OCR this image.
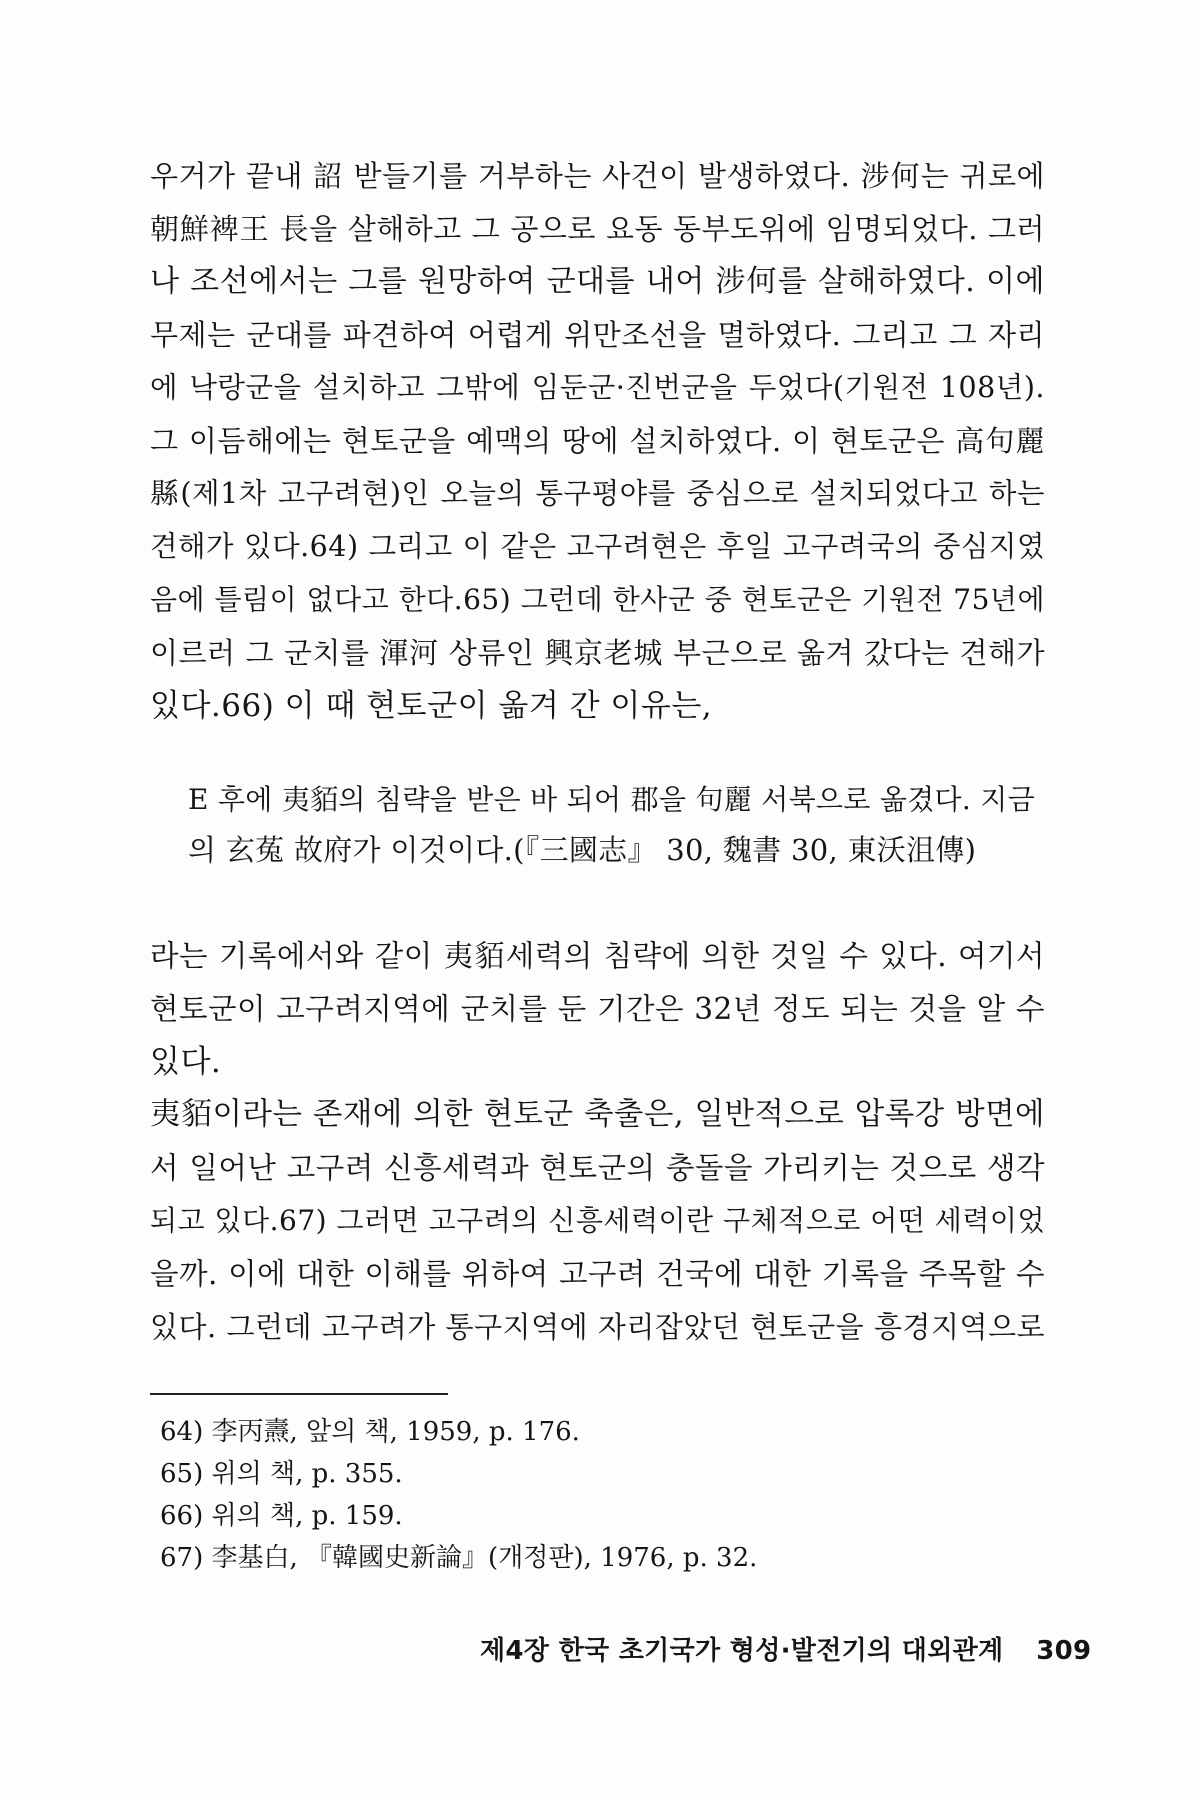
우거가 끝내 詔 받들기를 거부하는 사건이 발생하였다. 涉何는 귀로에
朝鮮裨王 長을 살해하고 그 공으로 요동 동부도위에 임명되었다. 그러
나 조선에서는 그를 원망하여 군대를 내어 涉何를 살해하였다. 이에
무제는 군대를 파견하여 어렵게 위만조선을 멸하였다. 그리고 그 자리
에 낙랑군을 설치하고 그밖에 임둔군·진번군을 두었다(기원전 108년).
그 이듬해에는 현토군을 예맥의 땅에 설치하였다. 이 현토군은 高句麗
縣(제1차 고구려현)인 오늘의 통구평야를 중심으로 설치되었다고 하는
견해가 있다.64) 그리고 이 같은 고구려현은 후일 고구려국의 중심지였
음에 틀림이 없다고 한다.65) 그런데 한사군 중 현토군은 기원전 75년에
이르러 그 군치를 渾河 상류인 興京老城 부근으로 옮겨 갔다는 견해가
있다.66) 이 때 현토군이 옮겨 간 이유는,
E 후에 夷貊의 침략을 받은 바 되어 郡을 句麗 서북으로 옮겼다. 지금
의 玄菟 故府가 이것이다.(『三國志』 30, 魏書 30, 東沃沮傳)
라는 기록에서와 같이 夷貊세력의 침략에 의한 것일 수 있다. 여기서
현토군이 고구려지역에 군치를 둔 기간은 32년 정도 되는 것을 알 수
있다.
夷貊이라는 존재에 의한 현토군 축출은, 일반적으로 압록강 방면에
서 일어난 고구려 신흥세력과 현토군의 충돌을 가리키는 것으로 생각
되고 있다.67) 그러면 고구려의 신흥세력이란 구체적으로 어떤 세력이었
을까. 이에 대한 이해를 위하여 고구려 건국에 대한 기록을 주목할 수
있다. 그런데 고구려가 통구지역에 자리잡았던 현토군을 흥경지역으로
64) 李丙燾, 앞의 책, 1959, p. 176.
65) 위의 책, p. 355.
66) 위의 책, p. 159.
67) 李基白, 『韓國史新論』(개정판), 1976, p. 32.
제4장 한국 초기국가 형성·발전기의 대외관계 309
